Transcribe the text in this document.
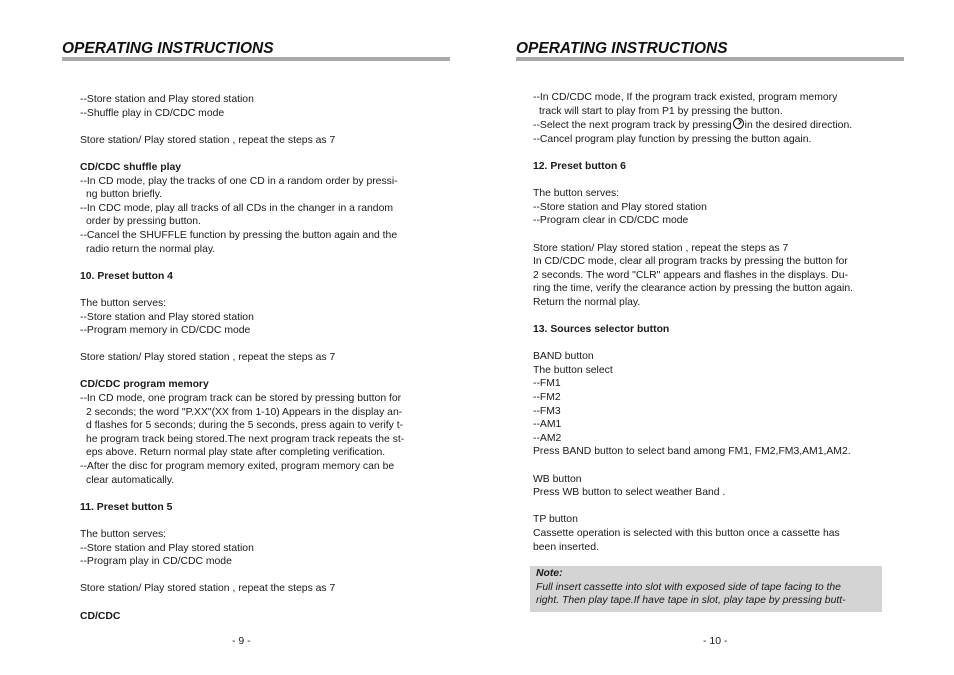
OPERATING INSTRUCTIONS
--Store station and Play stored station
--Shuffle play in CD/CDC mode
Store station/ Play stored station , repeat the steps as 7
CD/CDC shuffle play
--In CD mode, play the tracks of one CD in a random order by pressi-
ng button briefly.
--In CDC mode, play all tracks of all CDs in the changer in a random
order by pressing button.
--Cancel the SHUFFLE function by pressing the button again and the
radio return the normal play.
10. Preset button 4
The button serves:
--Store station and Play stored station
--Program memory in CD/CDC mode
Store station/ Play stored station , repeat the steps as 7
CD/CDC program memory
--In CD mode, one program track can be stored by pressing button for
2 seconds; the word "P.XX"(XX from 1-10) Appears in the display an-
d flashes for 5 seconds; during the 5 seconds, press again to verify t-
he program track being stored.The next program track repeats the st-
eps above. Return normal play state after completing verification.
--After the disc for program memory exited, program memory can be
clear automatically.
11. Preset button 5
The button serves:
--Store station and Play stored station
--Program play in CD/CDC mode
Store station/ Play stored station , repeat the steps as 7
CD/CDC
- 9 -
OPERATING INSTRUCTIONS
--In CD/CDC mode, If the program track existed, program memory
track will start to play from P1 by pressing the button.
--Select the next program track by pressing in the desired direction.
--Cancel program play function by pressing the button again.
12. Preset button 6
The button serves:
--Store station and Play stored station
--Program clear in CD/CDC mode
Store station/ Play stored station , repeat the steps as 7
In CD/CDC mode, clear all program tracks by pressing the button for
2 seconds. The word "CLR" appears and flashes in the displays. Du-
ring the time, verify the clearance action by pressing the button again.
Return the normal play.
13. Sources selector button
BAND button
The button select
--FM1
--FM2
--FM3
--AM1
--AM2
Press BAND button to select band among FM1, FM2,FM3,AM1,AM2.
WB button
Press WB button to select weather Band .
TP button
Cassette operation is selected with this button once a cassette has
been inserted.
Note:
Full insert cassette into slot with exposed side of tape facing to the
right. Then play tape.If have tape in slot, play tape by pressing butt-
- 10 -
